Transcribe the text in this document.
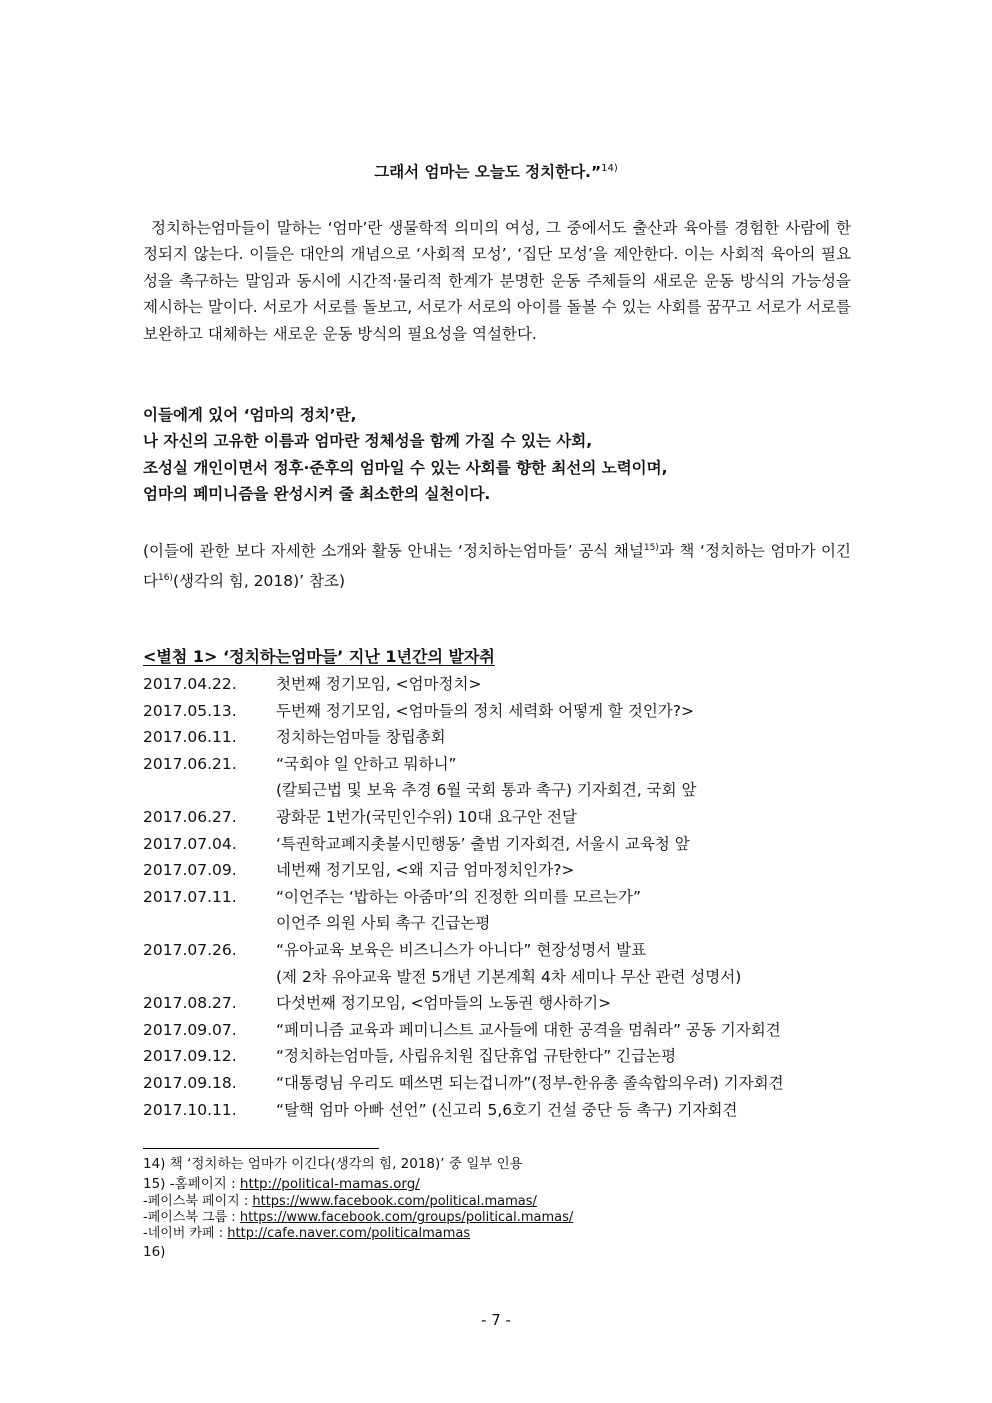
그래서 엄마는 오늘도 정치한다.”$^{14)}$

정치하는엄마들이 말하는 ‘엄마’란 생물학적 의미의 여성, 그 중에서도 출산과 육아를 경험한 사람에 한정되지 않는다. 이들은 대안의 개념으로 ‘사회적 모성’, ‘집단 모성’을 제안한다. 이는 사회적 육아의 필요성을 촉구하는 말임과 동시에 시간적·물리적 한계가 분명한 운동 주체들의 새로운 운동 방식의 가능성을 제시하는 말이다. 서로가 서로를 돌보고, 서로가 서로의 아이를 돌볼 수 있는 사회를 꿈꾸고 서로가 서로를 보완하고 대체하는 새로운 운동 방식의 필요성을 역설한다.

이들에게 있어 ‘엄마의 정치’란,
나 자신의 고유한 이름과 엄마란 정체성을 함께 가질 수 있는 사회,
조성실 개인이면서 정후·준후의 엄마일 수 있는 사회를 향한 최선의 노력이며,
엄마의 페미니즘을 완성시켜 줄 최소한의 실천이다.

(이들에 관한 보다 자세한 소개와 활동 안내는 ‘정치하는엄마들’ 공식 채널$^{15)}$과 책 ‘정치하는 엄마가 이긴다$^{16)}$(생각의 힘, 2018)’ 참조)

<별첨 1> ‘정치하는엄마들’ 지난 1년간의 발자취
2017.04.22.	첫번째 정기모임, <엄마정치>
2017.05.13.	두번째 정기모임, <엄마들의 정치 세력화 어떻게 할 것인가?>
2017.06.11.	정치하는엄마들 창립총회
2017.06.21.	“국회야 일 안하고 뭐하니”
(칼퇴근법 및 보육 추경 6월 국회 통과 촉구) 기자회견, 국회 앞
2017.06.27.	광화문 1번가(국민인수위) 10대 요구안 전달
2017.07.04.	‘특권학교폐지촛불시민행동’ 출범 기자회견, 서울시 교육청 앞
2017.07.09.	네번째 정기모임, <왜 지금 엄마정치인가?>
2017.07.11.	“이언주는 ‘밥하는 아줌마’의 진정한 의미를 모르는가”
이언주 의원 사퇴 촉구 긴급논평
2017.07.26.	“유아교육 보육은 비즈니스가 아니다” 현장성명서 발표
(제 2차 유아교육 발전 5개년 기본계획 4차 세미나 무산 관련 성명서)
2017.08.27.	다섯번째 정기모임, <엄마들의 노동권 행사하기>
2017.09.07.	“페미니즘 교육과 페미니스트 교사들에 대한 공격을 멈춰라” 공동 기자회견
2017.09.12.	“정치하는엄마들, 사립유치원 집단휴업 규탄한다” 긴급논평
2017.09.18.	“대통령님 우리도 떼쓰면 되는겁니까”(정부-한유총 졸속합의우려) 기자회견
2017.10.11.	“탈핵 엄마 아빠 선언” (신고리 5,6호기 건설 중단 등 촉구) 기자회견
14) 책 ‘정치하는 엄마가 이긴다(생각의 힘, 2018)’ 중 일부 인용
15) -홈페이지 : http://political-mamas.org/
-페이스북 페이지 : https://www.facebook.com/political.mamas/
-페이스북 그룹 : https://www.facebook.com/groups/political.mamas/
-네이버 카페 : http://cafe.naver.com/politicalmamas
16)
- 7 -
